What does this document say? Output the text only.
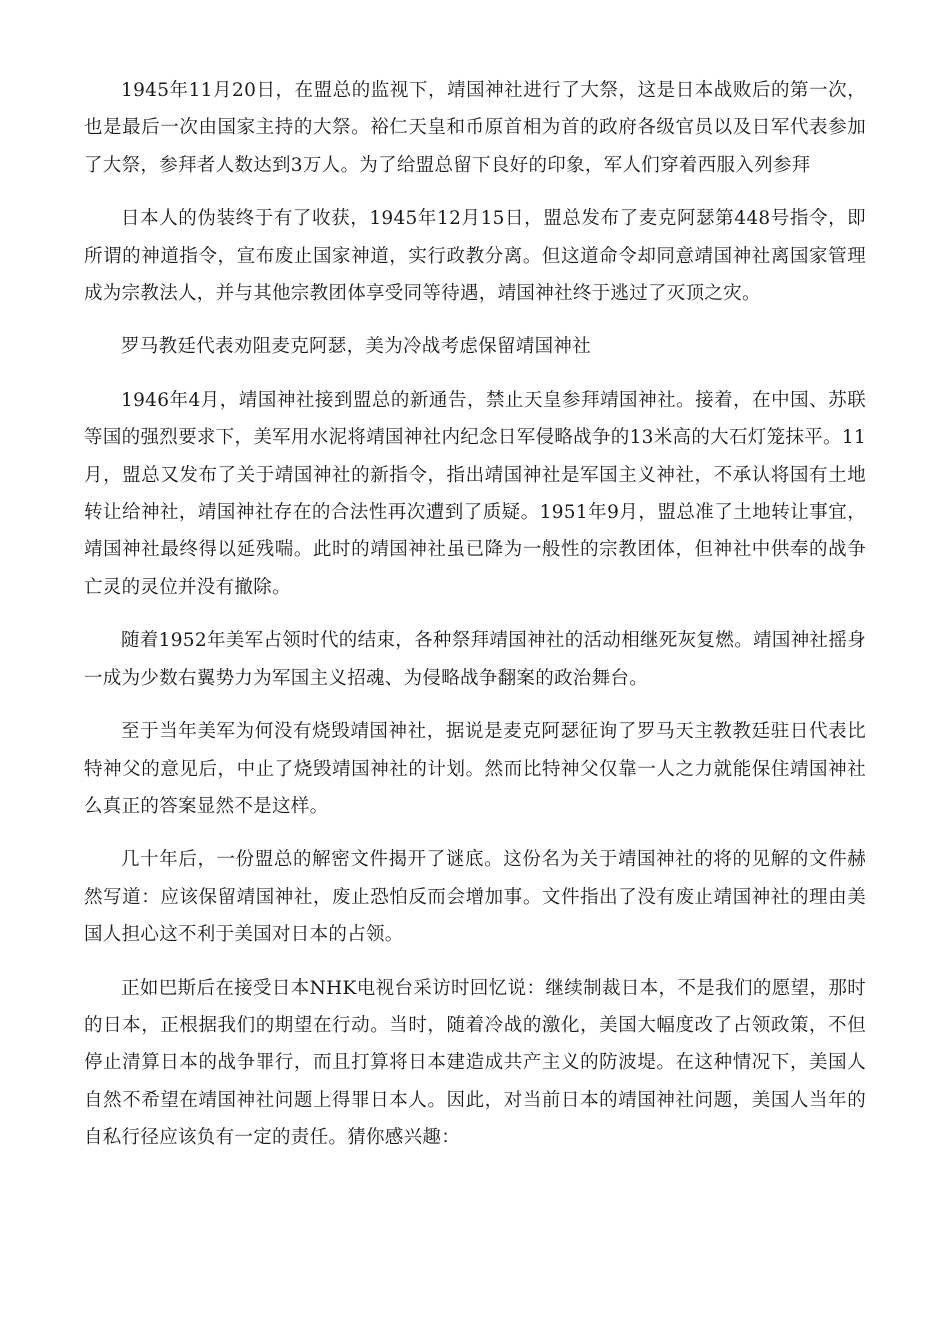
1945年11月20日，在盟总的监视下，靖国神社进行了大祭，这是日本战败后的第一次，也是最后一次由国家主持的大祭。裕仁天皇和币原首相为首的政府各级官员以及日军代表参加了大祭，参拜者人数达到3万人。为了给盟总留下良好的印象，军人们穿着西服入列参拜

日本人的伪装终于有了收获，1945年12月15日，盟总发布了麦克阿瑟第448号指令，即所谓的神道指令，宣布废止国家神道，实行政教分离。但这道命令却同意靖国神社离国家管理成为宗教法人，并与其他宗教团体享受同等待遇，靖国神社终于逃过了灭顶之灾。

罗马教廷代表劝阻麦克阿瑟，美为冷战考虑保留靖国神社

1946年4月，靖国神社接到盟总的新通告，禁止天皇参拜靖国神社。接着，在中国、苏联等国的强烈要求下，美军用水泥将靖国神社内纪念日军侵略战争的13米高的大石灯笼抹平。11月，盟总又发布了关于靖国神社的新指令，指出靖国神社是军国主义神社，不承认将国有土地转让给神社，靖国神社存在的合法性再次遭到了质疑。1951年9月，盟总准了土地转让事宜，靖国神社最终得以延残喘。此时的靖国神社虽已降为一般性的宗教团体，但神社中供奉的战争亡灵的灵位并没有撤除。

随着1952年美军占领时代的结束，各种祭拜靖国神社的活动相继死灰复燃。靖国神社摇身一成为少数右翼势力为军国主义招魂、为侵略战争翻案的政治舞台。

至于当年美军为何没有烧毁靖国神社，据说是麦克阿瑟征询了罗马天主教教廷驻日代表比特神父的意见后，中止了烧毁靖国神社的计划。然而比特神父仅靠一人之力就能保住靖国神社么真正的答案显然不是这样。

几十年后，一份盟总的解密文件揭开了谜底。这份名为关于靖国神社的将的见解的文件赫然写道：应该保留靖国神社，废止恐怕反而会增加事。文件指出了没有废止靖国神社的理由美国人担心这不利于美国对日本的占领。

正如巴斯后在接受日本NHK电视台采访时回忆说：继续制裁日本，不是我们的愿望，那时的日本，正根据我们的期望在行动。当时，随着冷战的激化，美国大幅度改了占领政策，不但停止清算日本的战争罪行，而且打算将日本建造成共产主义的防波堤。在这种情况下，美国人自然不希望在靖国神社问题上得罪日本人。因此，对当前日本的靖国神社问题，美国人当年的自私行径应该负有一定的责任。猜你感兴趣：
